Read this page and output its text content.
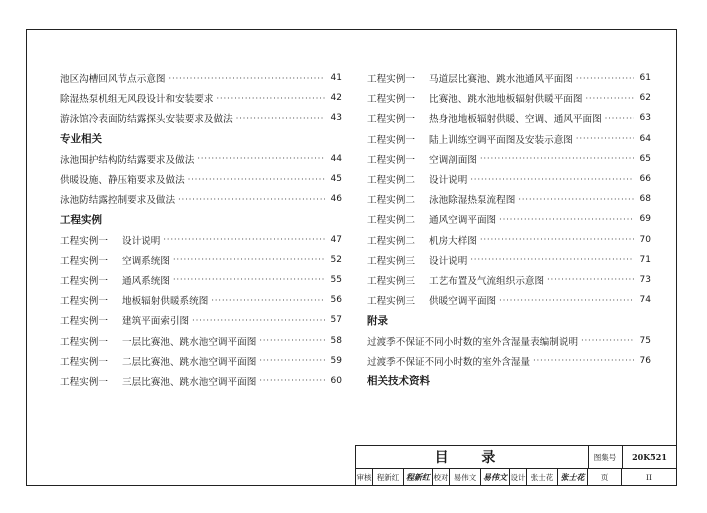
池区沟槽回风节点示意图 ·····	41
除湿热泵机组无风段设计和安装要求 ·····	42
游泳馆冷表面防结露探头安装要求及做法 ·····	43
专业相关
泳池围护结构防结露要求及做法 ·····	44
供暖设施、静压箱要求及做法 ·····	45
泳池防结露控制要求及做法 ·····	46
工程实例
工程实例一	设计说明 ·····	47
工程实例一	空调系统图 ·····	52
工程实例一	通风系统图 ·····	55
工程实例一	地板辐射供暖系统图 ·····	56
工程实例一	建筑平面索引图 ·····	57
工程实例一	一层比赛池、跳水池空调平面图 ·····	58
工程实例一	二层比赛池、跳水池空调平面图 ·····	59
工程实例一	三层比赛池、跳水池空调平面图 ·····	60
工程实例一	马道层比赛池、跳水池通风平面图 ·····	61
工程实例一	比赛池、跳水池地板辐射供暖平面图 ·····	62
工程实例一	热身池地板辐射供暖、空调、通风平面图 ·····	63
工程实例一	陆上训练空调平面图及安装示意图 ·····	64
工程实例一	空调剖面图 ·····	65
工程实例二	设计说明 ·····	66
工程实例二	泳池除湿热泵流程图 ·····	68
工程实例二	通风空调平面图 ·····	69
工程实例二	机房大样图 ·····	70
工程实例三	设计说明 ·····	71
工程实例三	工艺布置及气流组织示意图 ·····	73
工程实例三	供暖空调平面图 ·····	74
附录
过渡季不保证不同小时数的室外含湿量表编制说明 ·····	75
过渡季不保证不同小时数的室外含湿量 ·····	76
相关技术资料
目 录	图集号	20K521
审核 程新红 程新红 校对 易伟文 易伟文 设计 张士花 张士花	页	II
